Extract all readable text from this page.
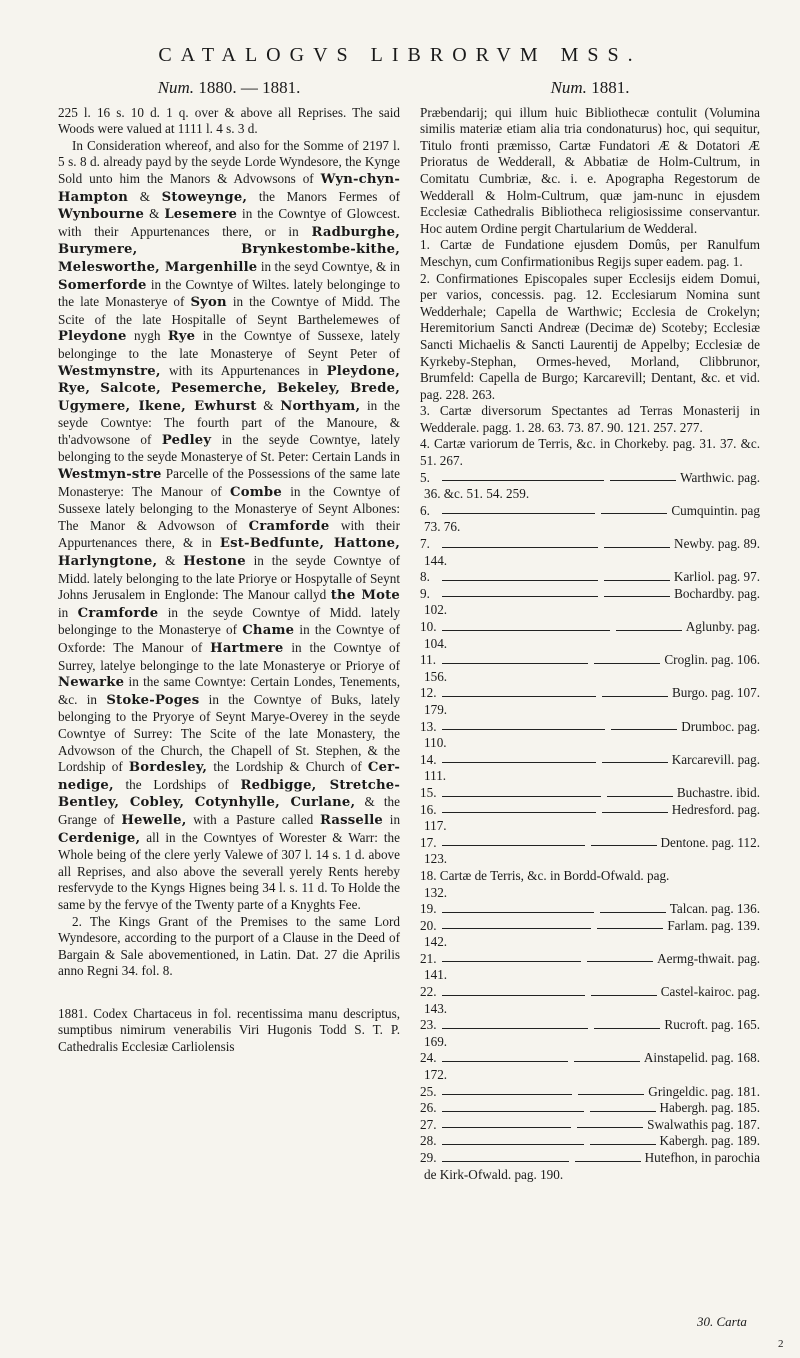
CATALOGVS LIBRORVM MSS.
Num. 1880. — 1881.

225 l. 16 s. 10 d. 1 q. over & above all Reprises. The said Woods were valued at 1111 l. 4 s. 3 d.

In Consideration whereof, and also for the Somme of 2197 l. 5 s. 8 d. already payd by the seyde Lorde Wyndesore, the Kynge Sold unto him the Manors & Advowsons of Wyn-chyn-Hampton & Stoweynge, the Manors Fermes of Wynbourne & Lesemere in the Cowntye of Glowcest. with their Appurtenances there, or in Radburghe, Burymere, Brynkestombe-kithe, Melesworthe, Margenhille in the seyd Cowntye, & in Somerforde in the Cowntye of Wiltes. lately belonginge to the late Monasterye of Syon in the Cowntye of Midd. The Scite of the late Hospitalle of Seynt Barthelemewes of Pleydone nygh Rye in the Cowntye of Sussexe, lately belonginge to the late Monasterye of Seynt Peter of Westmynstre, with its Appurtenances in Pleydone, Rye, Salcote, Pesemerche, Bekeley, Brede, Ugymere, Ikene, Ewhurst & Northyam, in the seyde Cowntye: The fourth part of the Manoure, & th'advowsone of Pedley in the seyde Cowntye, lately belonging to the seyde Monasterye of St. Peter: Certain Lands in Westmyn-stre Parcelle of the Possessions of the same late Monasterye: The Manour of Combe in the Cowntye of Sussexe lately belonging to the Monasterye of Seynt Albones: The Manor & Advowson of Cramforde with their Appurtenances there, & in Est-Bedfunte, Hattone, Harlyngtone, & Hestone in the seyde Cowntye of Midd. lately belonging to the late Priorye or Hospytalle of Seynt Johns Jerusalem in Englonde: The Manour callyd the Mote in Cramforde in the seyde Cowntye of Midd. lately belonginge to the Monasterye of Chame in the Cowntye of Oxforde: The Manour of Hartmere in the Cowntye of Surrey, latelye belonginge to the late Monasterye or Priorye of Newarke in the same Cowntye: Certain Londes, Tenements, &c. in Stoke-Poges in the Cowntye of Buks, lately belonging to the Pryorye of Seynt Marye-Overey in the seyde Cowntye of Surrey: The Scite of the late Monastery, the Advowson of the Church, the Chapell of St. Stephen, & the Lordship of Bordesley, the Lordship & Church of Cer-nedige, the Lordships of Redbigge, Stretche-Bentley, Cobley, Cotynhylle, Curlane, & the Grange of Hewelle, with a Pasture called Rasselle in Cerdenige, all in the Cowntyes of Worester & Warr: the Whole being of the clere yerly Valewe of 307 l. 14 s. 1 d. above all Reprises, and also above the severall yerely Rents hereby resfervyde to the Kyngs Hignes being 34 l. s. 11 d. To Holde the same by the fervye of the Twenty parte of a Knyghts Fee.

2. The Kings Grant of the Premises to the same Lord Wyndesore, according to the purport of a Clause in the Deed of Bargain & Sale abovementioned, in Latin. Dat. 27 die Aprilis anno Regni 34. fol. 8.

1881. Codex Chartaceus in fol. recentissima manu descriptus, sumptibus nimirum venerabilis Viri Hugonis Todd S. T. P. Cathedralis Ecclesiæ Carliolensis

Num. 1881.

Præbendarij; qui illum huic Bibliothecæ contulit (Volumina similis materiæ etiam alia tria condonaturus) hoc, qui sequitur, Titulo fronti præmisso, Cartæ Fundatori Æ & Dotatori Æ Prioratus de Wedderall, & Abbatiæ de Holm-Cultrum, in Comitatu Cumbriæ, &c. i. e. Apographa Regestorum de Wedderall & Holm-Cultrum, quæ jam-nunc in ejusdem Ecclesiæ Cathedralis Bibliotheca religiosissime conservantur. Hoc autem Ordine pergit Chartularium de Wedderal.

1. Cartæ de Fundatione ejusdem Domûs, per Ranulfum Meschyn, cum Confirmationibus Regijs super eadem. pag. 1.

2. Confirmationes Episcopales super Ecclesijs eidem Domui, per varios, concessis. pag. 12. Ecclesiarum Nomina sunt Wedderhale; Capella de Warthwic; Ecclesia de Crokelyn; Heremitorium Sancti Andreæ (Decimæ de) Scoteby; Ecclesiæ Sancti Michaelis & Sancti Laurentij de Appelby; Ecclesiæ de Kyrkeby-Stephan, Ormes-heved, Morland, Clibbrunor, Brumfeld: Capella de Burgo; Karcarevill; Dentant, &c. et vid. pag. 228. 263.

3. Cartæ diversorum Spectantes ad Terras Monasterij in Wedderale. pagg. 1. 28. 63. 73. 87. 90. 121. 257. 277.

4. Cartæ variorum de Terris, &c. in Chorkeby. pag. 31. 37. &c. 51. 267.

5.	Warthwic. pag.
36. &c. 51. 54. 259.
6.	Cumquintin. pag
73. 76.
7.	Newby. pag. 89.
144.
8.	Karliol. pag. 97.
9.	Bochardby. pag.
102.
10.	Aglunby. pag.
104.
11.	Croglin. pag. 106.
156.
12.	Burgo. pag. 107.
179.
13.	Drumboc. pag.
110.
14.	Karcarevill. pag.
111.
15.	Buchastre. ibid.
16.	Hedresford. pag.
117.
17.	Dentone. pag. 112.
123.

18. Cartæ de Terris, &c. in Bordd-Ofwald. pag.

132.
19.	Talcan. pag. 136.
20.	Farlam. pag. 139.
142.
21.	Aermg-thwait. pag.
141.
22.	Castel-kairoc. pag.
143.
23.	Rucroft. pag. 165.
169.
24.	Ainstapelid. pag. 168.
172.
25.	Gringeldic. pag. 181.
26.	Habergh. pag. 185.
27.	Swalwathis pag. 187.
28.	Kabergh. pag. 189.
29.	Hutefhon, in parochia
de Kirk-Ofwald. pag. 190.
30. Carta
2
